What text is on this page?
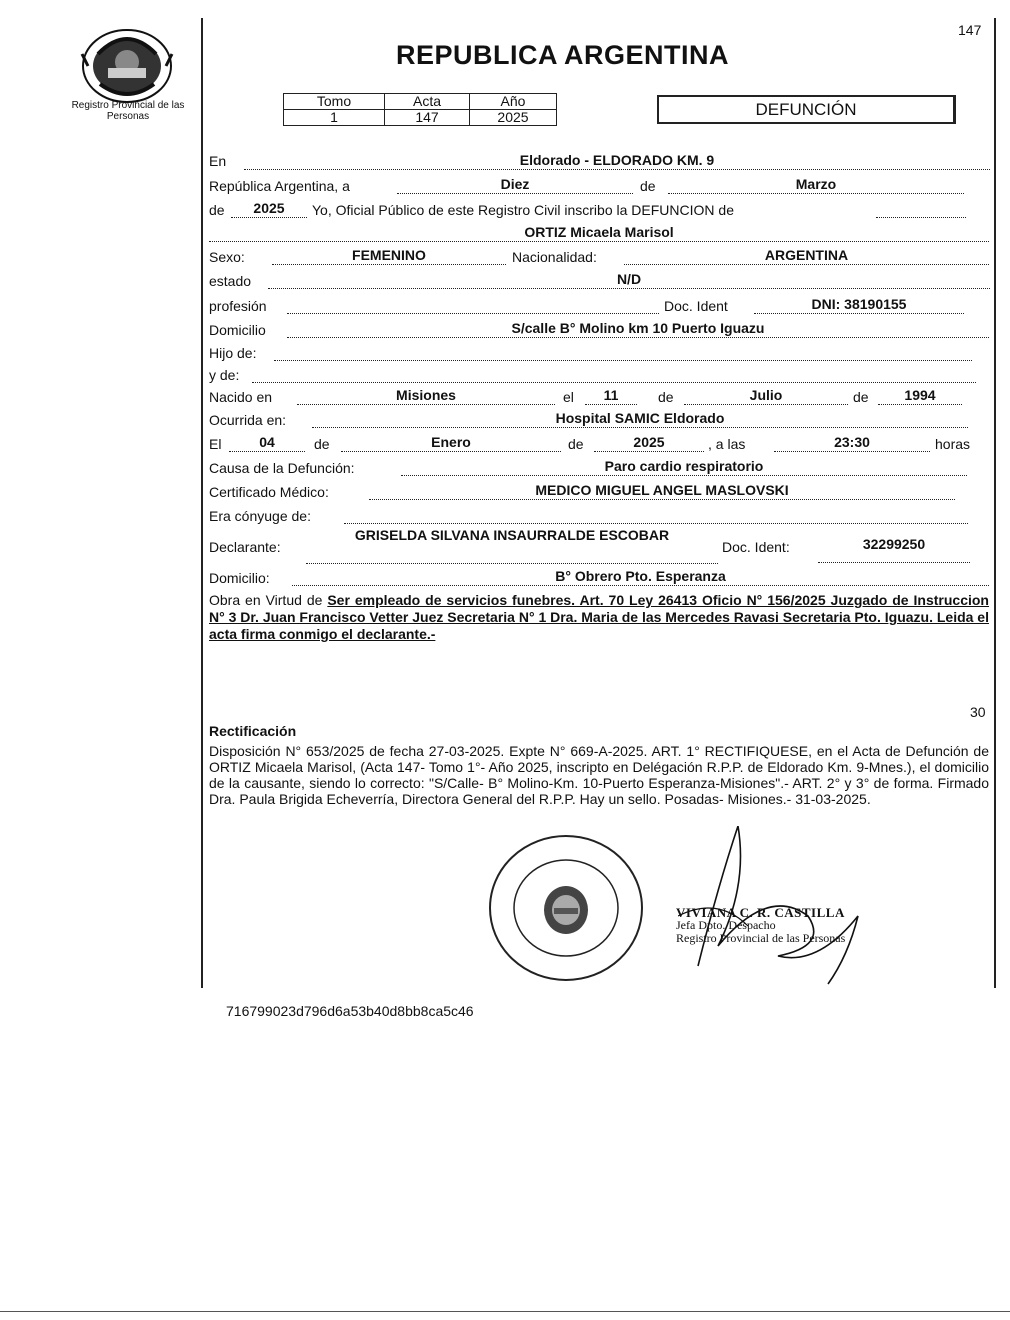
147
Registro Provincial de las Personas
REPUBLICA ARGENTINA
Tomo	Acta	Año
1	147	2025	DEFUNCIÓN
En	Eldorado - ELDORADO KM. 9
República Argentina, a	Diez	de	Marzo
de	2025	Yo, Oficial Público de este Registro Civil inscribo la DEFUNCION de
ORTIZ Micaela Marisol
Sexo:	FEMENINO	Nacionalidad:	ARGENTINA
estado	N/D
profesión	Doc. Ident	DNI: 38190155
Domicilio	S/calle B° Molino km 10 Puerto Iguazu
Hijo de:
y de:
Nacido en	Misiones	el	11	de	Julio	de	1994
Ocurrida en:	Hospital SAMIC Eldorado
El	04	de	Enero	de	2025	, a las	23:30	horas
Causa de la Defunción:	Paro cardio respiratorio
Certificado Médico:	MEDICO MIGUEL ANGEL MASLOVSKI
Era cónyuge de:
Declarante:
GRISELDA SILVANA INSAURRALDE ESCOBAR
Doc. Ident:	32299250
Domicilio:	B° Obrero Pto. Esperanza
Obra en Virtud de Ser empleado de servicios funebres. Art. 70 Ley 26413 Oficio N° 156/2025 Juzgado de Instruccion N° 3 Dr. Juan Francisco Vetter Juez Secretaria N° 1 Dra. Maria de las Mercedes Ravasi Secretaria Pto. Iguazu. Leida el acta firma conmigo el declarante.-
30
Rectificación
Disposición N° 653/2025 de fecha 27-03-2025. Expte N° 669-A-2025. ART. 1° RECTIFIQUESE, en el Acta de Defunción de ORTIZ Micaela Marisol, (Acta 147- Tomo 1°- Año 2025, inscripto en Delégación R.P.P. de Eldorado Km. 9-Mnes.), el domicilio de la causante, siendo lo correcto: "S/Calle- B° Molino-Km. 10-Puerto Esperanza-Misiones".- ART. 2° y 3° de forma. Firmado Dra. Paula Brigida Echeverría, Directora General del R.P.P. Hay un sello. Posadas- Misiones.- 31-03-2025.
VIVIANA C. R. CASTILLA
Jefa Dpto. Despacho
Registro Provincial de las Personas
716799023d796d6a53b40d8bb8ca5c46
